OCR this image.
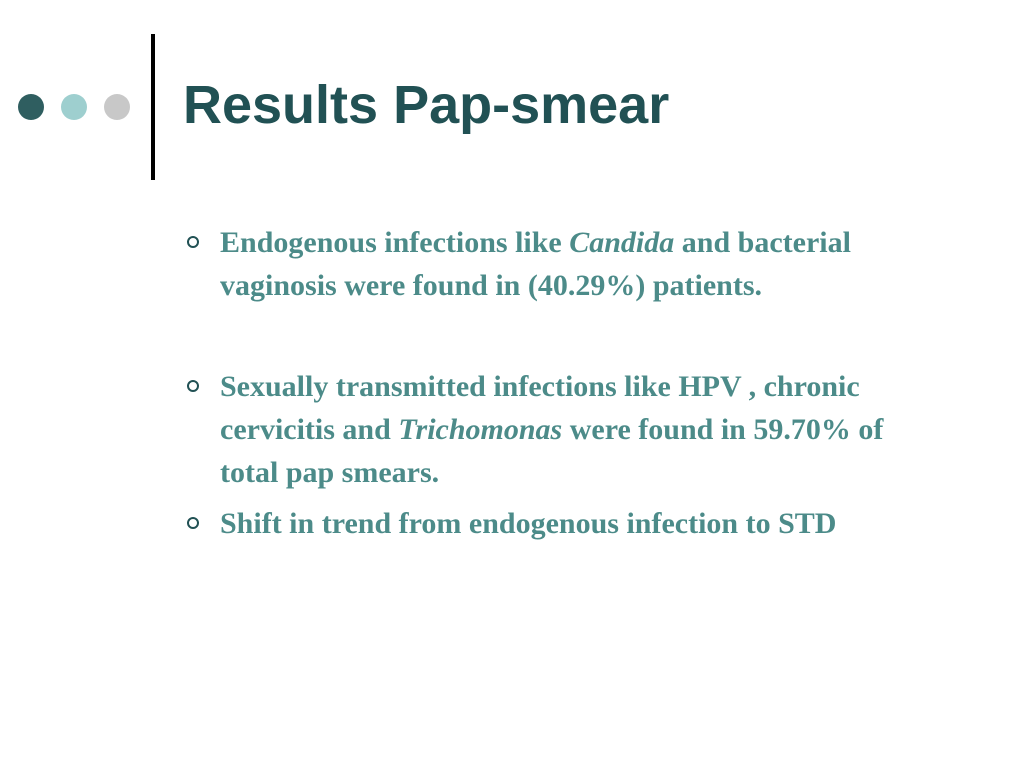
Results Pap-smear
Endogenous infections like Candida and bacterial vaginosis were found in (40.29%) patients.
Sexually transmitted infections like HPV , chronic cervicitis and Trichomonas were found in 59.70% of total pap smears.
Shift in trend from endogenous infection to STD
